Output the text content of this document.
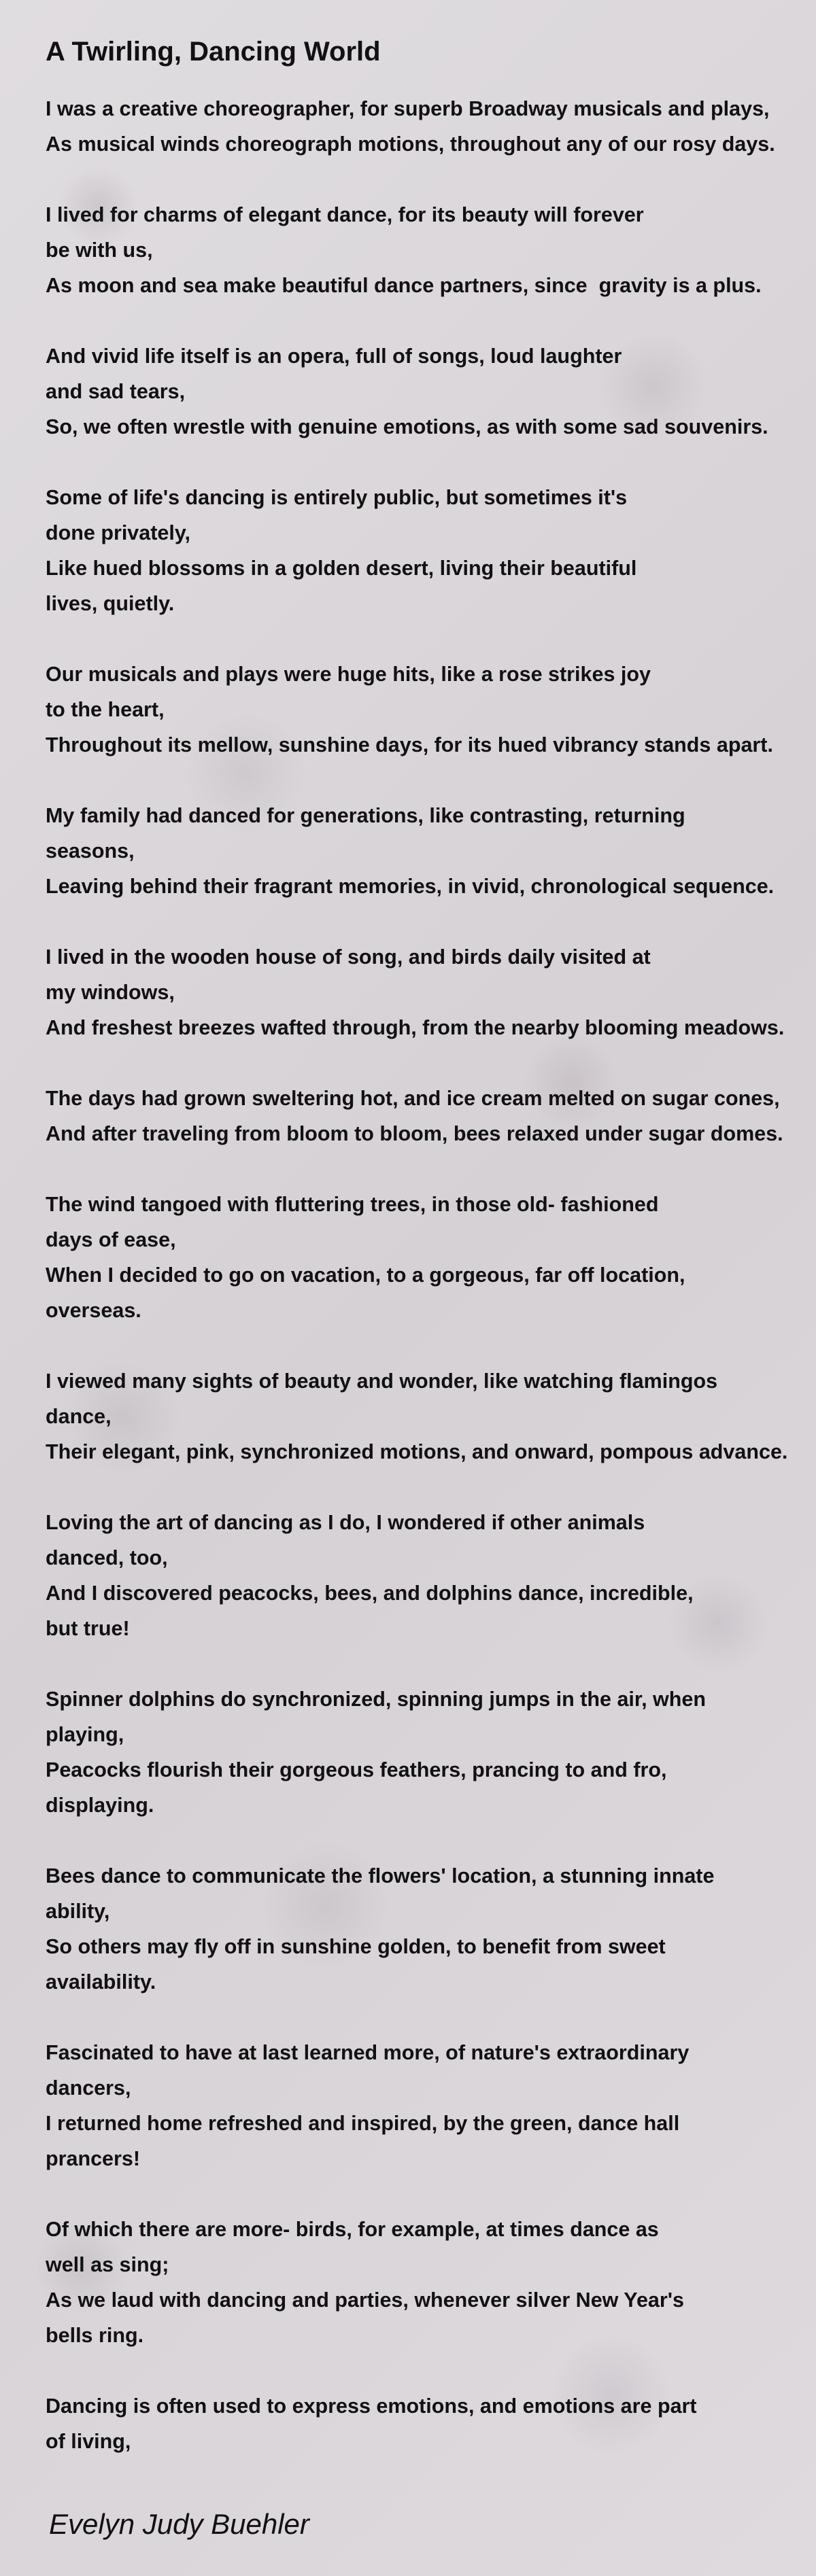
A Twirling, Dancing World
I was a creative choreographer, for superb Broadway musicals and plays,
As musical winds choreograph motions, throughout any of our rosy days.
I lived for charms of elegant dance, for its beauty will forever
be with us,
As moon and sea make beautiful dance partners, since  gravity is a plus.
And vivid life itself is an opera, full of songs, loud laughter
and sad tears,
So, we often wrestle with genuine emotions, as with some sad souvenirs.
Some of life's dancing is entirely public, but sometimes it's
done privately,
Like hued blossoms in a golden desert, living their beautiful
lives, quietly.
Our musicals and plays were huge hits, like a rose strikes joy
to the heart,
Throughout its mellow, sunshine days, for its hued vibrancy stands apart.
My family had danced for generations, like contrasting, returning
seasons,
Leaving behind their fragrant memories, in vivid, chronological sequence.
I lived in the wooden house of song, and birds daily visited at
my windows,
And freshest breezes wafted through, from the nearby blooming meadows.
The days had grown sweltering hot, and ice cream melted on sugar cones,
And after traveling from bloom to bloom, bees relaxed under sugar domes.
The wind tangoed with fluttering trees, in those old- fashioned
days of ease,
When I decided to go on vacation, to a gorgeous, far off location,
overseas.
I viewed many sights of beauty and wonder, like watching flamingos
dance,
Their elegant, pink, synchronized motions, and onward, pompous advance.
Loving the art of dancing as I do, I wondered if other animals
danced, too,
And I discovered peacocks, bees, and dolphins dance, incredible,
but true!
Spinner dolphins do synchronized, spinning jumps in the air, when
playing,
Peacocks flourish their gorgeous feathers, prancing to and fro,
displaying.
Bees dance to communicate the flowers' location, a stunning innate
ability,
So others may fly off in sunshine golden, to benefit from sweet
availability.
Fascinated to have at last learned more, of nature's extraordinary
dancers,
I returned home refreshed and inspired, by the green, dance hall
prancers!
Of which there are more- birds, for example, at times dance as
well as sing;
As we laud with dancing and parties, whenever silver New Year's
bells ring.
Dancing is often used to express emotions, and emotions are part
of living,
Evelyn Judy Buehler
